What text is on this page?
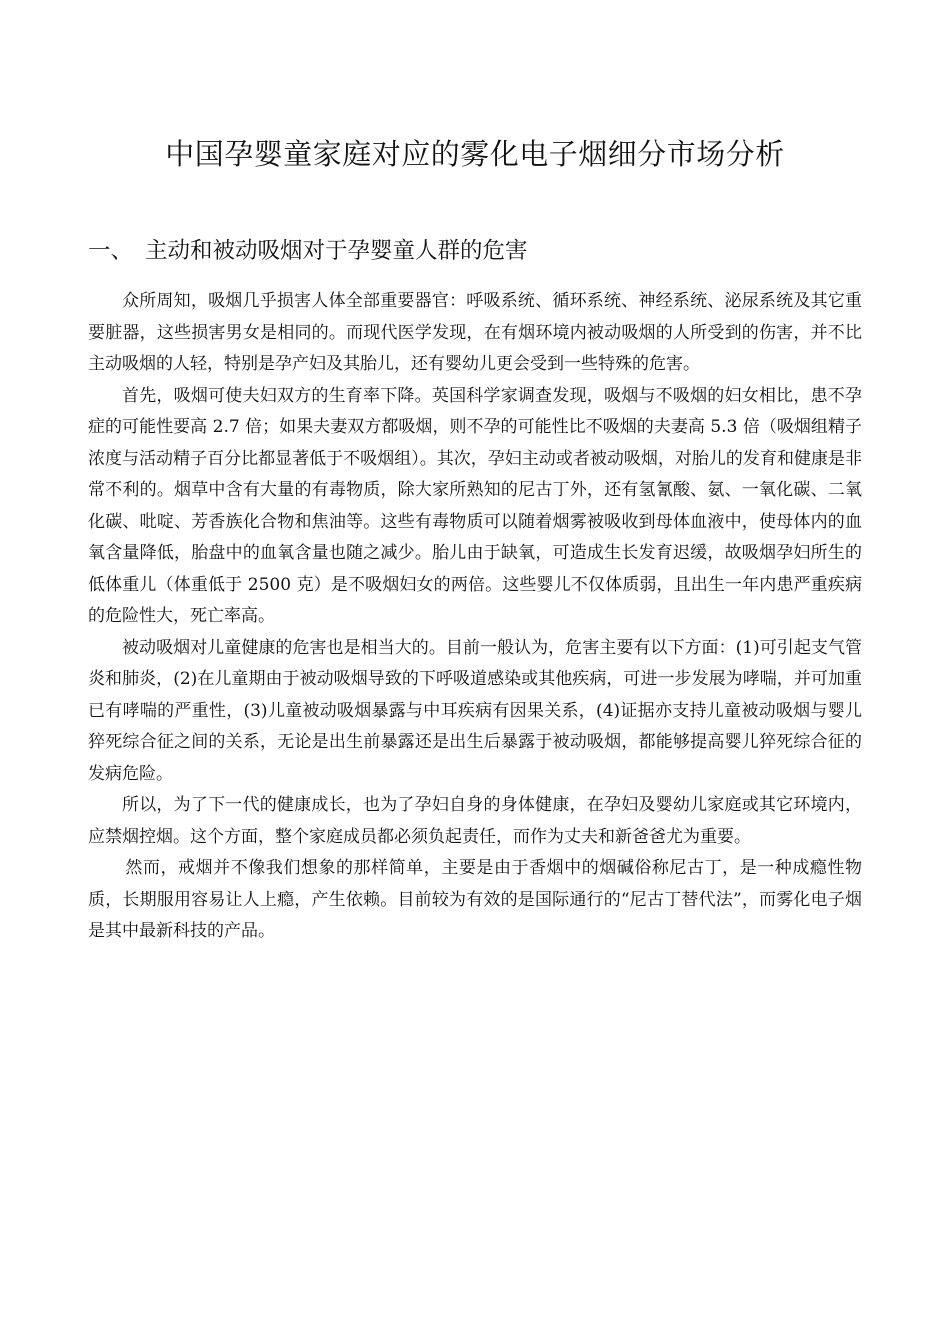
中国孕婴童家庭对应的雾化电子烟细分市场分析
一、 主动和被动吸烟对于孕婴童人群的危害

众所周知，吸烟几乎损害人体全部重要器官：呼吸系统、循环系统、神经系统、泌尿系统及其它重要脏器，这些损害男女是相同的。而现代医学发现，在有烟环境内被动吸烟的人所受到的伤害，并不比主动吸烟的人轻，特别是孕产妇及其胎儿，还有婴幼儿更会受到一些特殊的危害。

首先，吸烟可使夫妇双方的生育率下降。英国科学家调查发现，吸烟与不吸烟的妇女相比，患不孕症的可能性要高 2.7 倍；如果夫妻双方都吸烟，则不孕的可能性比不吸烟的夫妻高 5.3 倍（吸烟组精子浓度与活动精子百分比都显著低于不吸烟组）。其次，孕妇主动或者被动吸烟，对胎儿的发育和健康是非常不利的。烟草中含有大量的有毒物质，除大家所熟知的尼古丁外，还有氢氰酸、氨、一氧化碳、二氧化碳、吡啶、芳香族化合物和焦油等。这些有毒物质可以随着烟雾被吸收到母体血液中，使母体内的血氧含量降低，胎盘中的血氧含量也随之减少。胎儿由于缺氧，可造成生长发育迟缓，故吸烟孕妇所生的低体重儿（体重低于 2500 克）是不吸烟妇女的两倍。这些婴儿不仅体质弱，且出生一年内患严重疾病的危险性大，死亡率高。

被动吸烟对儿童健康的危害也是相当大的。目前一般认为，危害主要有以下方面：(1)可引起支气管炎和肺炎，(2)在儿童期由于被动吸烟导致的下呼吸道感染或其他疾病，可进一步发展为哮喘，并可加重已有哮喘的严重性，(3)儿童被动吸烟暴露与中耳疾病有因果关系，(4)证据亦支持儿童被动吸烟与婴儿猝死综合征之间的关系，无论是出生前暴露还是出生后暴露于被动吸烟，都能够提高婴儿猝死综合征的发病危险。

所以，为了下一代的健康成长，也为了孕妇自身的身体健康，在孕妇及婴幼儿家庭或其它环境内，应禁烟控烟。这个方面，整个家庭成员都必须负起责任，而作为丈夫和新爸爸尤为重要。

然而，戒烟并不像我们想象的那样简单，主要是由于香烟中的烟碱俗称尼古丁，是一种成瘾性物质，长期服用容易让人上瘾，产生依赖。目前较为有效的是国际通行的“尼古丁替代法”，而雾化电子烟是其中最新科技的产品。
